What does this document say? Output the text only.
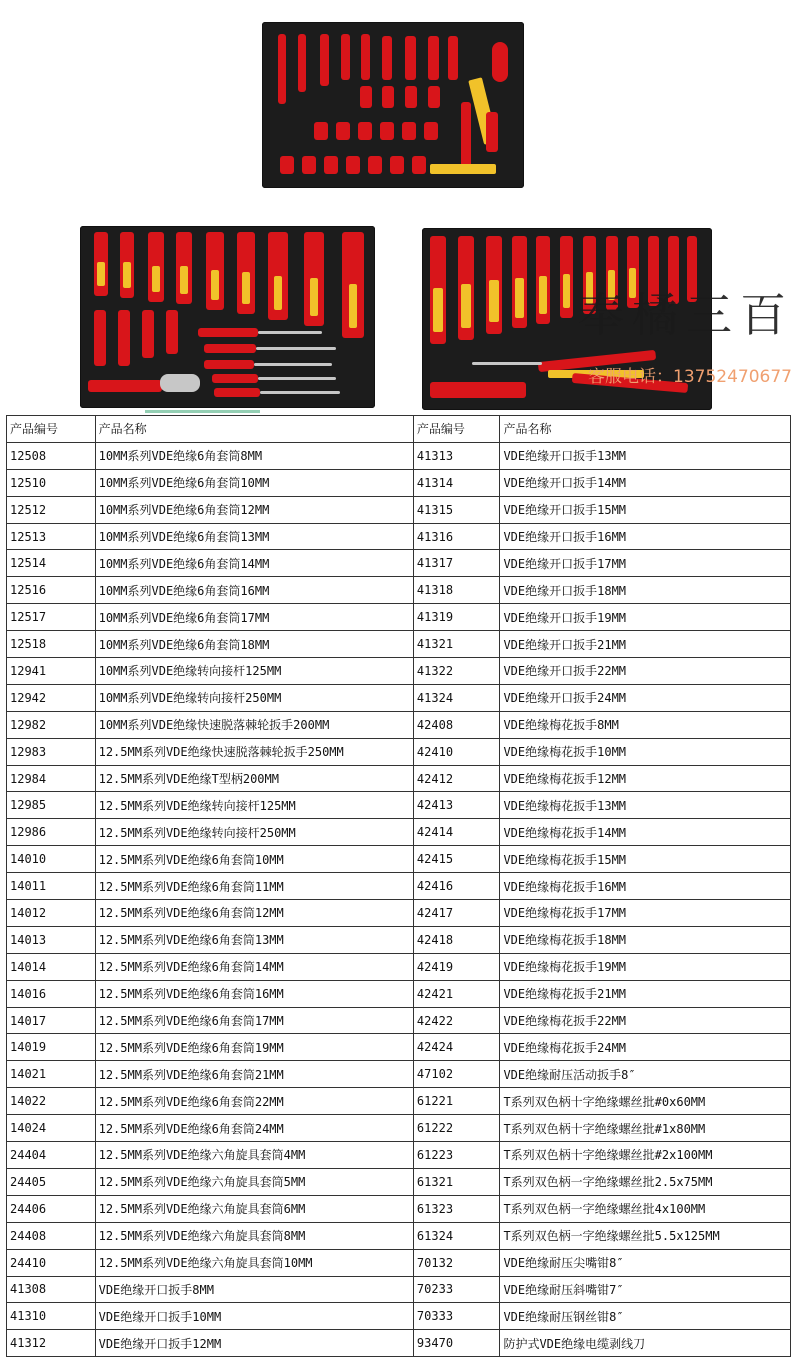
奉橘三百
客服电话：13752470677
产品编号	产品名称	产品编号	产品名称
12508	10MM系列VDE绝缘6角套筒8MM	41313	VDE绝缘开口扳手13MM
12510	10MM系列VDE绝缘6角套筒10MM	41314	VDE绝缘开口扳手14MM
12512	10MM系列VDE绝缘6角套筒12MM	41315	VDE绝缘开口扳手15MM
12513	10MM系列VDE绝缘6角套筒13MM	41316	VDE绝缘开口扳手16MM
12514	10MM系列VDE绝缘6角套筒14MM	41317	VDE绝缘开口扳手17MM
12516	10MM系列VDE绝缘6角套筒16MM	41318	VDE绝缘开口扳手18MM
12517	10MM系列VDE绝缘6角套筒17MM	41319	VDE绝缘开口扳手19MM
12518	10MM系列VDE绝缘6角套筒18MM	41321	VDE绝缘开口扳手21MM
12941	10MM系列VDE绝缘转向接杆125MM	41322	VDE绝缘开口扳手22MM
12942	10MM系列VDE绝缘转向接杆250MM	41324	VDE绝缘开口扳手24MM
12982	10MM系列VDE绝缘快速脱落棘轮扳手200MM	42408	VDE绝缘梅花扳手8MM
12983	12.5MM系列VDE绝缘快速脱落棘轮扳手250MM	42410	VDE绝缘梅花扳手10MM
12984	12.5MM系列VDE绝缘T型柄200MM	42412	VDE绝缘梅花扳手12MM
12985	12.5MM系列VDE绝缘转向接杆125MM	42413	VDE绝缘梅花扳手13MM
12986	12.5MM系列VDE绝缘转向接杆250MM	42414	VDE绝缘梅花扳手14MM
14010	12.5MM系列VDE绝缘6角套筒10MM	42415	VDE绝缘梅花扳手15MM
14011	12.5MM系列VDE绝缘6角套筒11MM	42416	VDE绝缘梅花扳手16MM
14012	12.5MM系列VDE绝缘6角套筒12MM	42417	VDE绝缘梅花扳手17MM
14013	12.5MM系列VDE绝缘6角套筒13MM	42418	VDE绝缘梅花扳手18MM
14014	12.5MM系列VDE绝缘6角套筒14MM	42419	VDE绝缘梅花扳手19MM
14016	12.5MM系列VDE绝缘6角套筒16MM	42421	VDE绝缘梅花扳手21MM
14017	12.5MM系列VDE绝缘6角套筒17MM	42422	VDE绝缘梅花扳手22MM
14019	12.5MM系列VDE绝缘6角套筒19MM	42424	VDE绝缘梅花扳手24MM
14021	12.5MM系列VDE绝缘6角套筒21MM	47102	VDE绝缘耐压活动扳手8″
14022	12.5MM系列VDE绝缘6角套筒22MM	61221	T系列双色柄十字绝缘螺丝批#0x60MM
14024	12.5MM系列VDE绝缘6角套筒24MM	61222	T系列双色柄十字绝缘螺丝批#1x80MM
24404	12.5MM系列VDE绝缘六角旋具套筒4MM	61223	T系列双色柄十字绝缘螺丝批#2x100MM
24405	12.5MM系列VDE绝缘六角旋具套筒5MM	61321	T系列双色柄一字绝缘螺丝批2.5x75MM
24406	12.5MM系列VDE绝缘六角旋具套筒6MM	61323	T系列双色柄一字绝缘螺丝批4x100MM
24408	12.5MM系列VDE绝缘六角旋具套筒8MM	61324	T系列双色柄一字绝缘螺丝批5.5x125MM
24410	12.5MM系列VDE绝缘六角旋具套筒10MM	70132	VDE绝缘耐压尖嘴钳8″
41308	VDE绝缘开口扳手8MM	70233	VDE绝缘耐压斜嘴钳7″
41310	VDE绝缘开口扳手10MM	70333	VDE绝缘耐压钢丝钳8″
41312	VDE绝缘开口扳手12MM	93470	防护式VDE绝缘电缆剥线刀
